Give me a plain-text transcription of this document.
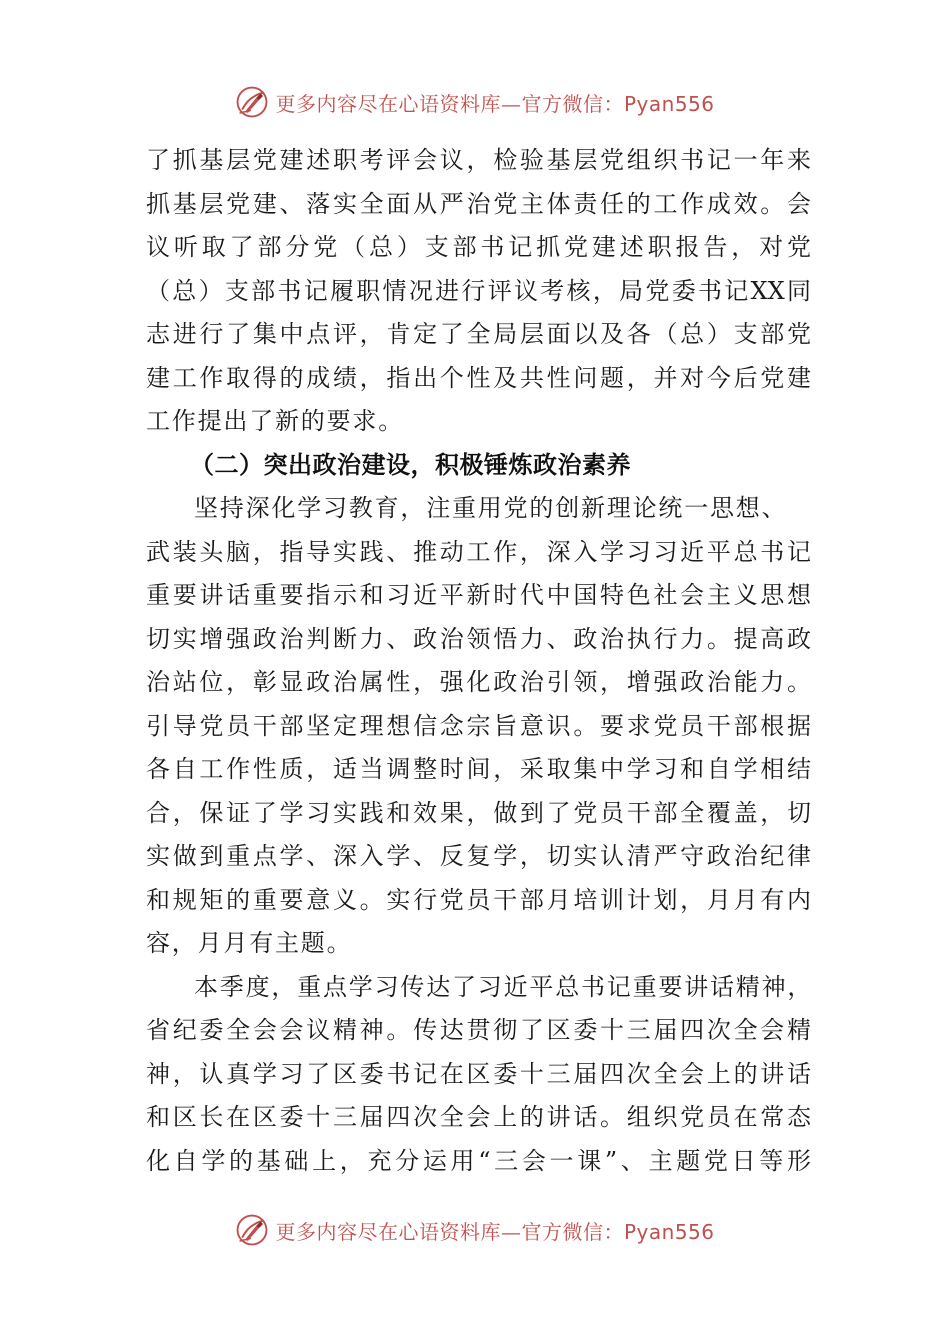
更多内容尽在心语资料库—官方微信：Pyan556
了抓基层党建述职考评会议，检验基层党组织书记一年来
抓基层党建、落实全面从严治党主体责任的工作成效。会
议听取了部分党（总）支部书记抓党建述职报告，对党
（总）支部书记履职情况进行评议考核，局党委书记XX同
志进行了集中点评，肯定了全局层面以及各（总）支部党
建工作取得的成绩，指出个性及共性问题，并对今后党建
工作提出了新的要求。
（二）突出政治建设，积极锤炼政治素养
坚持深化学习教育，注重用党的创新理论统一思想、
武装头脑，指导实践、推动工作，深入学习习近平总书记
重要讲话重要指示和习近平新时代中国特色社会主义思想
切实增强政治判断力、政治领悟力、政治执行力。提高政
治站位，彰显政治属性，强化政治引领，增强政治能力。
引导党员干部坚定理想信念宗旨意识。要求党员干部根据
各自工作性质，适当调整时间，采取集中学习和自学相结
合，保证了学习实践和效果，做到了党员干部全覆盖，切
实做到重点学、深入学、反复学，切实认清严守政治纪律
和规矩的重要意义。实行党员干部月培训计划，月月有内
容，月月有主题。
本季度，重点学习传达了习近平总书记重要讲话精神，
省纪委全会会议精神。传达贯彻了区委十三届四次全会精
神，认真学习了区委书记在区委十三届四次全会上的讲话
和区长在区委十三届四次全会上的讲话。组织党员在常态
化自学的基础上，充分运用“三会一课”、主题党日等形
更多内容尽在心语资料库—官方微信：Pyan556
